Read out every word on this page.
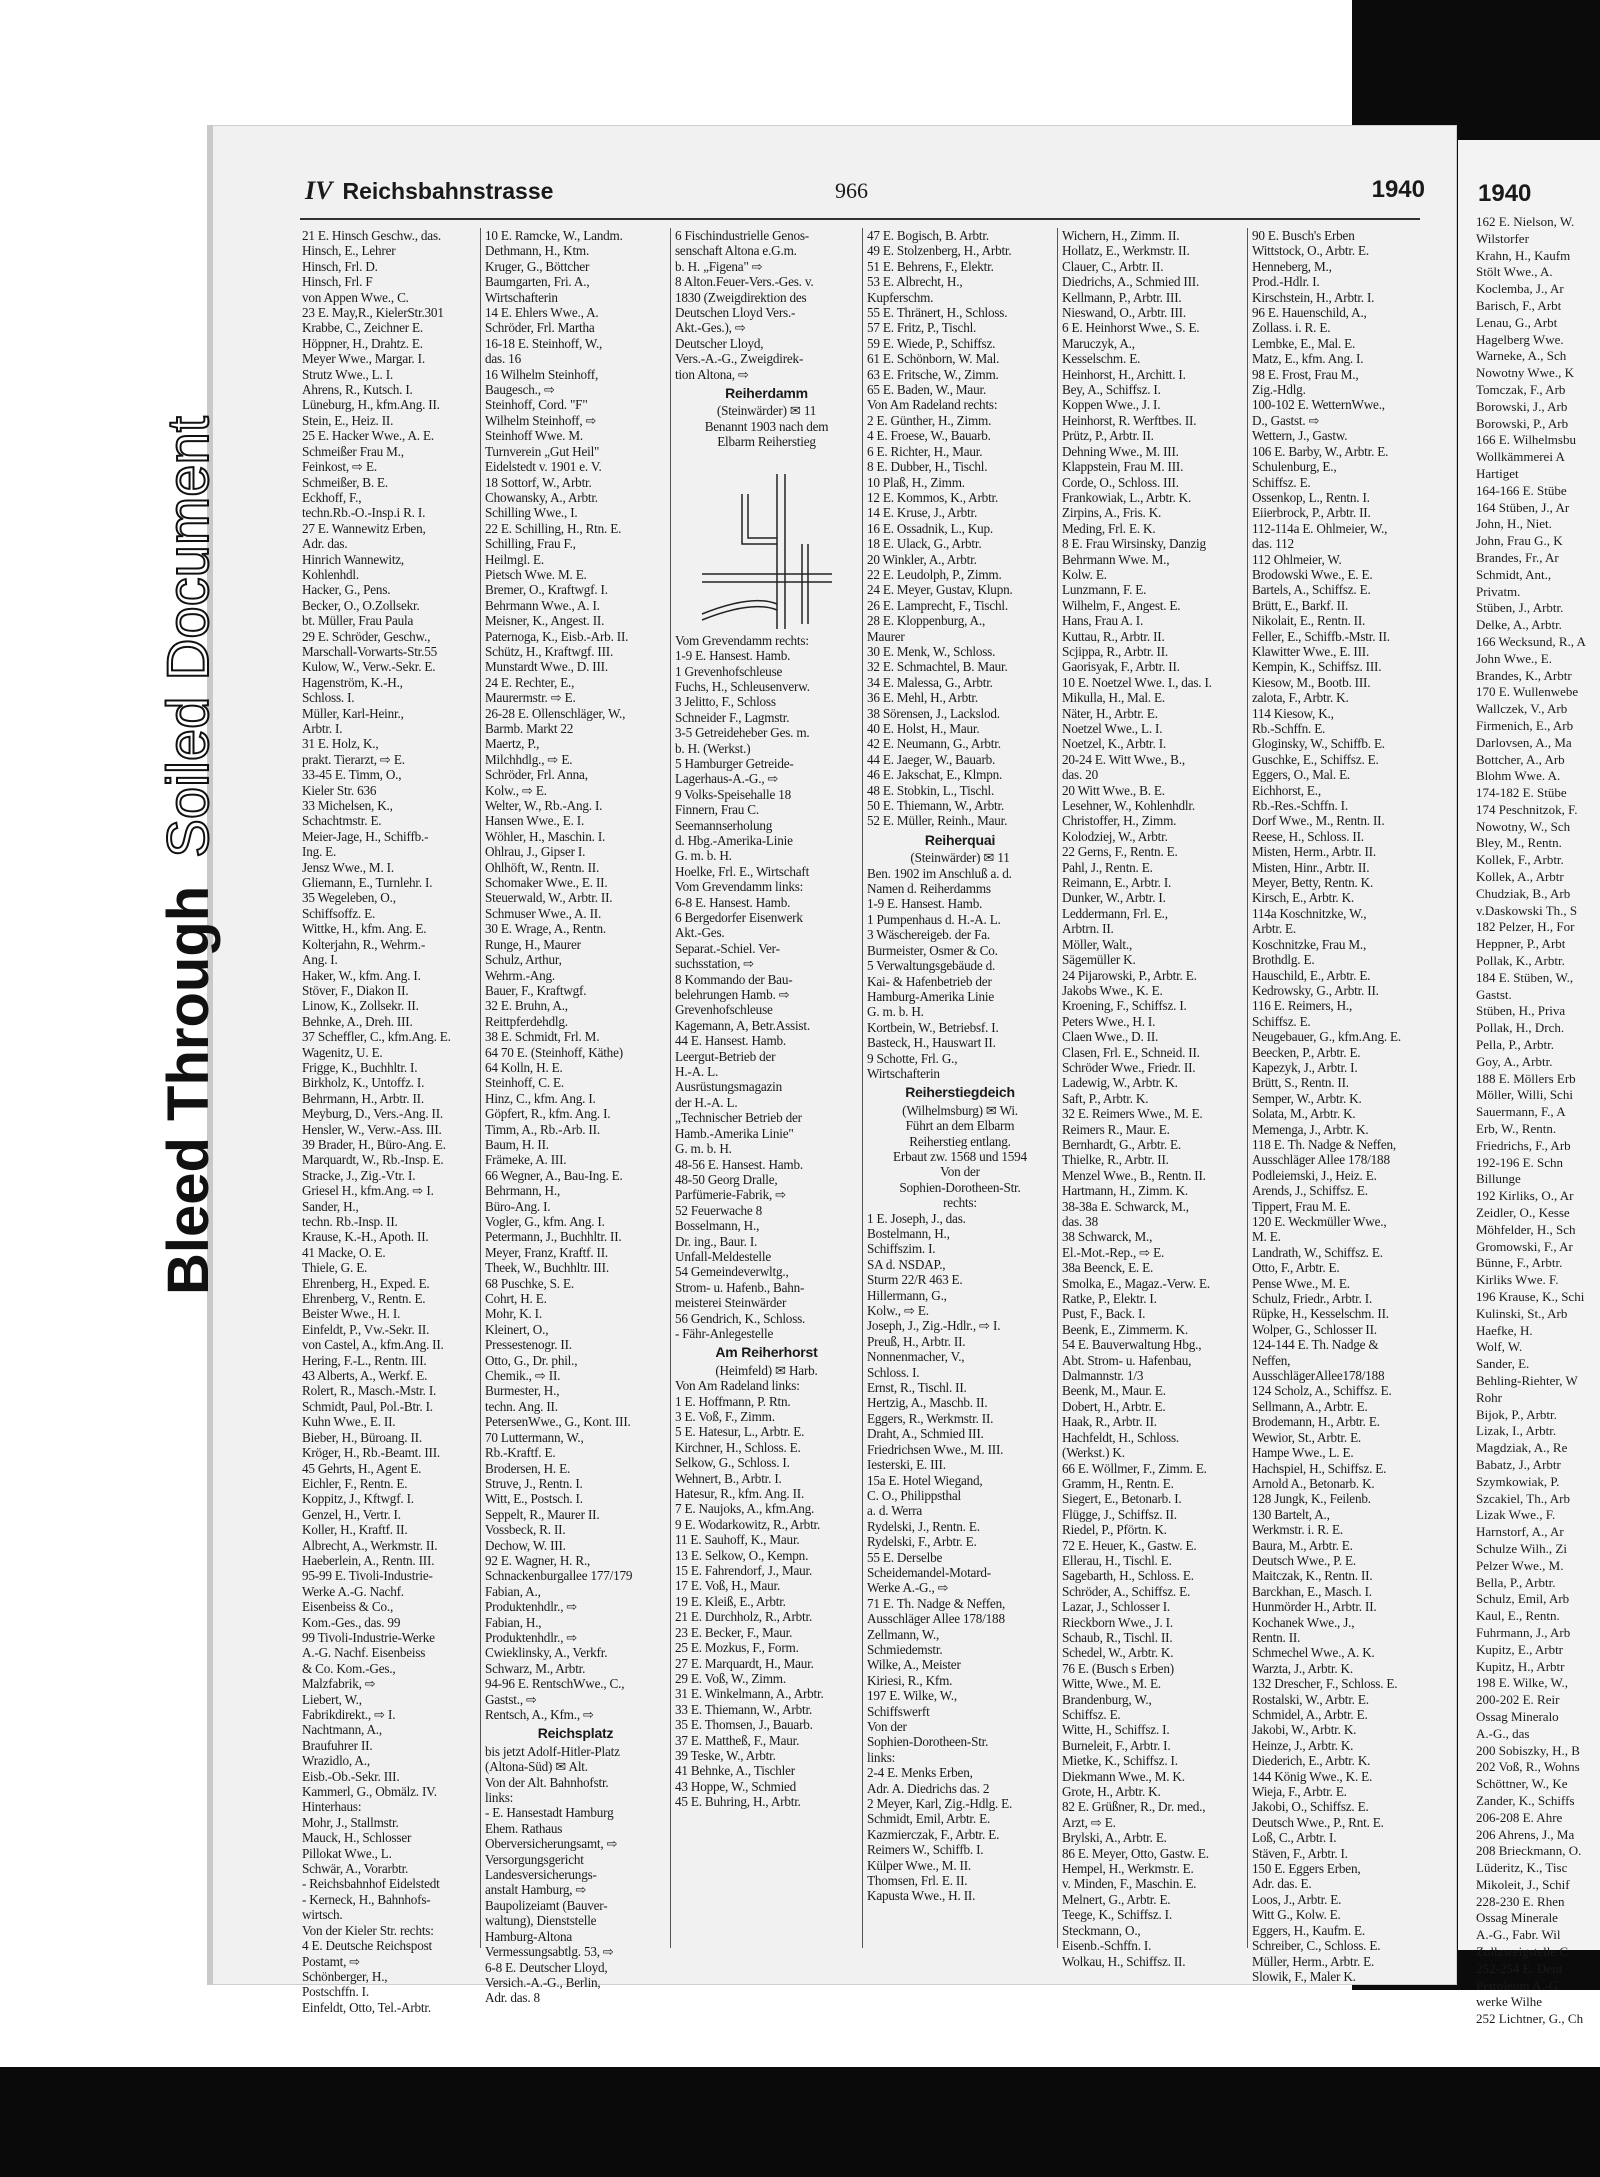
1940
162 E. Nielson, W.
Wilstorfer
Krahn, H., Kaufm
Stölt Wwe., A.
Koclemba, J., Ar
Barisch, F., Arbt
Lenau, G., Arbt
Hagelberg Wwe.
Warneke, A., Sch
Nowotny Wwe., K
Tomczak, F., Arb
Borowski, J., Arb
Borowski, P., Arb
166 E. Wilhelmsbu
Wollkämmerei A
Hartiget
164-166 E. Stübe
164 Stüben, J., Ar
John, H., Niet.
John, Frau G., K
Brandes, Fr., Ar
Schmidt, Ant.,
Privatm.
Stüben, J., Arbtr.
Delke, A., Arbtr.
166 Wecksund, R., A
John Wwe., E.
Brandes, K., Arbtr
170 E. Wullenwebe
Wallczek, V., Arb
Firmenich, E., Arb
Darlovsen, A., Ma
Bottcher, A., Arb
Blohm Wwe. A.
174-182 E. Stübe
174 Peschnitzok, F.
Nowotny, W., Sch
Bley, M., Rentn.
Kollek, F., Arbtr.
Kollek, A., Arbtr
Chudziak, B., Arb
v.Daskowski Th., S
182 Pelzer, H., For
Heppner, P., Arbt
Pollak, K., Arbtr.
184 E. Stüben, W.,
Gastst.
Stüben, H., Priva
Pollak, H., Drch.
Pella, P., Arbtr.
Goy, A., Arbtr.
188 E. Möllers Erb
Möller, Willi, Schi
Sauermann, F., A
Erb, W., Rentn.
Friedrichs, F., Arb
192-196 E. Schn
Billunge
192 Kirliks, O., Ar
Zeidler, O., Kesse
Möhfelder, H., Sch
Gromowski, F., Ar
Bünne, F., Arbtr.
Kirliks Wwe. F.
196 Krause, K., Schi
Kulinski, St., Arb
Haefke, H.
Wolf, W.
Sander, E.
Behling-Riehter, W
Rohr
Bijok, P., Arbtr.
Lizak, I., Arbtr.
Magdziak, A., Re
Babatz, J., Arbtr
Szymkowiak, P.
Szcakiel, Th., Arb
Lizak Wwe., F.
Harnstorf, A., Ar
Schulze Wilh., Zi
Pelzer Wwe., M.
Bella, P., Arbtr.
Schulz, Emil, Arb
Kaul, E., Rentn.
Fuhrmann, J., Arb
Kupitz, E., Arbtr
Kupitz, H., Arbtr
198 E. Wilke, W.,
200-202 E. Reir
Ossag Mineralo
A.-G., das
200 Sobiszky, H., B
202 Voß, R., Wohns
Schöttner, W., Ke
Zander, K., Schiffs
206-208 E. Ahre
206 Ahrens, J., Ma
208 Brieckmann, O.
Lüderitz, K., Tisc
Mikoleit, J., Schif
228-230 E. Rhen
Ossag Minerale
A.-G., Fabr. Wil
Zollzweigstelle C
252-254 E. Deut
Petroleum A.-G.
werke Wilhe
252 Lichtner, G., Ch
Bleed ThroughSoiled Document
IV Reichsbahnstrasse	966	1940
21 E. Hinsch Geschw., das.
Hinsch, E., Lehrer
Hinsch, Frl. D.
Hinsch, Frl. F
von Appen Wwe., C.
23 E. May,R., KielerStr.301
Krabbe, C., Zeichner E.
Höppner, H., Drahtz. E.
Meyer Wwe., Margar. I.
Strutz Wwe., L. I.
Ahrens, R., Kutsch. I.
Lüneburg, H., kfm.Ang. II.
Stein, E., Heiz. II.
25 E. Hacker Wwe., A. E.
Schmeißer Frau M.,
Feinkost, ⇨ E.
Schmeißer, B. E.
Eckhoff, F.,
techn.Rb.-O.-Insp.i R. I.
27 E. Wannewitz Erben,
Adr. das.
Hinrich Wannewitz,
Kohlenhdl.
Hacker, G., Pens.
Becker, O., O.Zollsekr.
bt. Müller, Frau Paula
29 E. Schröder, Geschw.,
Marschall-Vorwarts-Str.55
Kulow, W., Verw.-Sekr. E.
Hagenström, K.-H.,
Schloss. I.
Müller, Karl-Heinr.,
Arbtr. I.
31 E. Holz, K.,
prakt. Tierarzt, ⇨ E.
33-45 E. Timm, O.,
Kieler Str. 636
33 Michelsen, K.,
Schachtmstr. E.
Meier-Jage, H., Schiffb.-
Ing. E.
Jensz Wwe., M. I.
Gliemann, E., Turnlehr. I.
35 Wegeleben, O.,
Schiffsoffz. E.
Wittke, H., kfm. Ang. E.
Kolterjahn, R., Wehrm.-
Ang. I.
Haker, W., kfm. Ang. I.
Stöver, F., Diakon II.
Linow, K., Zollsekr. II.
Behnke, A., Dreh. III.
37 Scheffler, C., kfm.Ang. E.
Wagenitz, U. E.
Frigge, K., Buchhltr. I.
Birkholz, K., Untoffz. I.
Behrmann, H., Arbtr. II.
Meyburg, D., Vers.-Ang. II.
Hensler, W., Verw.-Ass. III.
39 Brader, H., Büro-Ang. E.
Marquardt, W., Rb.-Insp. E.
Stracke, J., Zig.-Vtr. I.
Griesel H., kfm.Ang. ⇨ I.
Sander, H.,
techn. Rb.-Insp. II.
Krause, K.-H., Apoth. II.
41 Macke, O. E.
Thiele, G. E.
Ehrenberg, H., Exped. E.
Ehrenberg, V., Rentn. E.
Beister Wwe., H. I.
Einfeldt, P., Vw.-Sekr. II.
von Castel, A., kfm.Ang. II.
Hering, F.-L., Rentn. III.
43 Alberts, A., Werkf. E.
Rolert, R., Masch.-Mstr. I.
Schmidt, Paul, Pol.-Btr. I.
Kuhn Wwe., E. II.
Bieber, H., Büroang. II.
Kröger, H., Rb.-Beamt. III.
45 Gehrts, H., Agent E.
Eichler, F., Rentn. E.
Koppitz, J., Kftwgf. I.
Genzel, H., Vertr. I.
Koller, H., Kraftf. II.
Albrecht, A., Werkmstr. II.
Haeberlein, A., Rentn. III.
95-99 E. Tivoli-Industrie-
Werke A.-G. Nachf.
Eisenbeiss & Co.,
Kom.-Ges., das. 99
99 Tivoli-Industrie-Werke
A.-G. Nachf. Eisenbeiss
& Co. Kom.-Ges.,
Malzfabrik, ⇨
Liebert, W.,
Fabrikdirekt., ⇨ I.
Nachtmann, A.,
Braufuhrer II.
Wrazidlo, A.,
Eisb.-Ob.-Sekr. III.
Kammerl, G., Obmälz. IV.
Hinterhaus:
Mohr, J., Stallmstr.
Mauck, H., Schlosser
Pillokat Wwe., L.
Schwär, A., Vorarbtr.
- Reichsbahnhof Eidelstedt
- Kerneck, H., Bahnhofs-
wirtsch.
Von der Kieler Str. rechts:
4 E. Deutsche Reichspost
Postamt, ⇨
Schönberger, H.,
Postschffn. I.
Einfeldt, Otto, Tel.-Arbtr.
10 E. Ramcke, W., Landm.
Dethmann, H., Ktm.
Kruger, G., Böttcher
Baumgarten, Fri. A.,
Wirtschafterin
14 E. Ehlers Wwe., A.
Schröder, Frl. Martha
16-18 E. Steinhoff, W.,
das. 16
16 Wilhelm Steinhoff,
Baugesch., ⇨
Steinhoff, Cord. "F"
Wilhelm Steinhoff, ⇨
Steinhoff Wwe. M.
Turnverein „Gut Heil"
Eidelstedt v. 1901 e. V.
18 Sottorf, W., Arbtr.
Chowansky, A., Arbtr.
Schilling Wwe., I.
22 E. Schilling, H., Rtn. E.
Schilling, Frau F.,
Heilmgl. E.
Pietsch Wwe. M. E.
Bremer, O., Kraftwgf. I.
Behrmann Wwe., A. I.
Meisner, K., Angest. II.
Paternoga, K., Eisb.-Arb. II.
Schütz, H., Kraftwgf. III.
Munstardt Wwe., D. III.
24 E. Rechter, E.,
Maurermstr. ⇨ E.
26-28 E. Ollenschläger, W.,
Barmb. Markt 22
Maertz, P.,
Milchhdlg., ⇨ E.
Schröder, Frl. Anna,
Kolw., ⇨ E.
Welter, W., Rb.-Ang. I.
Hansen Wwe., E. I.
Wöhler, H., Maschin. I.
Ohlrau, J., Gipser I.
Ohlhöft, W., Rentn. II.
Schomaker Wwe., E. II.
Steuerwald, W., Arbtr. II.
Schmuser Wwe., A. II.
30 E. Wrage, A., Rentn.
Runge, H., Maurer
Schulz, Arthur,
Wehrm.-Ang.
Bauer, F., Kraftwgf.
32 E. Bruhn, A.,
Reittpferdehdlg.
38 E. Schmidt, Frl. M.
64 70 E. (Steinhoff, Käthe)
64 Kolln, H. E.
Steinhoff, C. E.
Hinz, C., kfm. Ang. I.
Göpfert, R., kfm. Ang. I.
Timm, A., Rb.-Arb. II.
Baum, H. II.
Främeke, A. III.
66 Wegner, A., Bau-Ing. E.
Behrmann, H.,
Büro-Ang. I.
Vogler, G., kfm. Ang. I.
Petermann, J., Buchhltr. II.
Meyer, Franz, Kraftf. II.
Theek, W., Buchhltr. III.
68 Puschke, S. E.
Cohrt, H. E.
Mohr, K. I.
Kleinert, O.,
Pressestenogr. II.
Otto, G., Dr. phil.,
Chemik., ⇨ II.
Burmester, H.,
techn. Ang. II.
PetersenWwe., G., Kont. III.
70 Luttermann, W.,
Rb.-Kraftf. E.
Brodersen, H. E.
Struve, J., Rentn. I.
Witt, E., Postsch. I.
Seppelt, R., Maurer II.
Vossbeck, R. II.
Dechow, W. III.
92 E. Wagner, H. R.,
Schnackenburgallee 177/179
Fabian, A.,
Produktenhdlr., ⇨
Fabian, H.,
Produktenhdlr., ⇨
Cwieklinsky, A., Verkfr.
Schwarz, M., Arbtr.
94-96 E. RentschWwe., C.,
Gastst., ⇨
Rentsch, A., Kfm., ⇨
Reichsplatz
bis jetzt Adolf-Hitler-Platz
(Altona-Süd) ✉ Alt.
Von der Alt. Bahnhofstr.
links:
- E. Hansestadt Hamburg
Ehem. Rathaus
Oberversicherungsamt, ⇨
Versorgungsgericht
Landesversicherungs-
anstalt Hamburg, ⇨
Baupolizeiamt (Bauver-
waltung), Dienststelle
Hamburg-Altona
Vermessungsabtlg. 53, ⇨
6-8 E. Deutscher Lloyd,
Versich.-A.-G., Berlin,
Adr. das. 8
6 Fischindustrielle Genos-
senschaft Altona e.G.m.
b. H. „Figena" ⇨
8 Alton.Feuer-Vers.-Ges. v.
1830 (Zweigdirektion des
Deutschen Lloyd Vers.-
Akt.-Ges.), ⇨
Deutscher Lloyd,
Vers.-A.-G., Zweigdirek-
tion Altona, ⇨
Reiherdamm
(Steinwärder) ✉ 11
Benannt 1903 nach dem
Elbarm Reiherstieg
Vom Grevendamm rechts:
1-9 E. Hansest. Hamb.
1 Grevenhofschleuse
Fuchs, H., Schleusenverw.
3 Jelitto, F., Schloss
Schneider F., Lagmstr.
3-5 Getreideheber Ges. m.
b. H. (Werkst.)
5 Hamburger Getreide-
Lagerhaus-A.-G., ⇨
9 Volks-Speisehalle 18
Finnern, Frau C.
Seemannserholung
d. Hbg.-Amerika-Linie
G. m. b. H.
Hoelke, Frl. E., Wirtschaft
Vom Grevendamm links:
6-8 E. Hansest. Hamb.
6 Bergedorfer Eisenwerk
Akt.-Ges.
Separat.-Schiel. Ver-
suchsstation, ⇨
8 Kommando der Bau-
belehrungen Hamb. ⇨
Grevenhofschleuse
Kagemann, A, Betr.Assist.
44 E. Hansest. Hamb.
Leergut-Betrieb der
H.-A. L.
Ausrüstungsmagazin
der H.-A. L.
„Technischer Betrieb der
Hamb.-Amerika Linie"
G. m. b. H.
48-56 E. Hansest. Hamb.
48-50 Georg Dralle,
Parfümerie-Fabrik, ⇨
52 Feuerwache 8
Bosselmann, H.,
Dr. ing., Baur. I.
Unfall-Meldestelle
54 Gemeindeverwltg.,
Strom- u. Hafenb., Bahn-
meisterei Steinwärder
56 Gendrich, K., Schloss.
- Fähr-Anlegestelle
Am Reiherhorst
(Heimfeld) ✉ Harb.
Von Am Radeland links:
1 E. Hoffmann, P. Rtn.
3 E. Voß, F., Zimm.
5 E. Hatesur, L., Arbtr. E.
Kirchner, H., Schloss. E.
Selkow, G., Schloss. I.
Wehnert, B., Arbtr. I.
Hatesur, R., kfm. Ang. II.
7 E. Naujoks, A., kfm.Ang.
9 E. Wodarkowitz, R., Arbtr.
11 E. Sauhoff, K., Maur.
13 E. Selkow, O., Kempn.
15 E. Fahrendorf, J., Maur.
17 E. Voß, H., Maur.
19 E. Kleiß, E., Arbtr.
21 E. Durchholz, R., Arbtr.
23 E. Becker, F., Maur.
25 E. Mozkus, F., Form.
27 E. Marquardt, H., Maur.
29 E. Voß, W., Zimm.
31 E. Winkelmann, A., Arbtr.
33 E. Thiemann, W., Arbtr.
35 E. Thomsen, J., Bauarb.
37 E. Mattheß, F., Maur.
39 Teske, W., Arbtr.
41 Behnke, A., Tischler
43 Hoppe, W., Schmied
45 E. Buhring, H., Arbtr.
47 E. Bogisch, B. Arbtr.
49 E. Stolzenberg, H., Arbtr.
51 E. Behrens, F., Elektr.
53 E. Albrecht, H.,
Kupferschm.
55 E. Thränert, H., Schloss.
57 E. Fritz, P., Tischl.
59 E. Wiede, P., Schiffsz.
61 E. Schönborn, W. Mal.
63 E. Fritsche, W., Zimm.
65 E. Baden, W., Maur.
Von Am Radeland rechts:
2 E. Günther, H., Zimm.
4 E. Froese, W., Bauarb.
6 E. Richter, H., Maur.
8 E. Dubber, H., Tischl.
10 Plaß, H., Zimm.
12 E. Kommos, K., Arbtr.
14 E. Kruse, J., Arbtr.
16 E. Ossadnik, L., Kup.
18 E. Ulack, G., Arbtr.
20 Winkler, A., Arbtr.
22 E. Leudolph, P., Zimm.
24 E. Meyer, Gustav, Klupn.
26 E. Lamprecht, F., Tischl.
28 E. Kloppenburg, A.,
Maurer
30 E. Menk, W., Schloss.
32 E. Schmachtel, B. Maur.
34 E. Malessa, G., Arbtr.
36 E. Mehl, H., Arbtr.
38 Sörensen, J., Lackslod.
40 E. Holst, H., Maur.
42 E. Neumann, G., Arbtr.
44 E. Jaeger, W., Bauarb.
46 E. Jakschat, E., Klmpn.
48 E. Stobkin, L., Tischl.
50 E. Thiemann, W., Arbtr.
52 E. Müller, Reinh., Maur.
Reiherquai
(Steinwärder) ✉ 11
Ben. 1902 im Anschluß a. d.
Namen d. Reiherdamms
1-9 E. Hansest. Hamb.
1 Pumpenhaus d. H.-A. L.
3 Wäschereigeb. der Fa.
Burmeister, Osmer & Co.
5 Verwaltungsgebäude d.
Kai- & Hafenbetrieb der
Hamburg-Amerika Linie
G. m. b. H.
Kortbein, W., Betriebsf. I.
Basteck, H., Hauswart II.
9 Schotte, Frl. G.,
Wirtschafterin
Reiherstiegdeich
(Wilhelmsburg) ✉ Wi.
Führt an dem Elbarm
Reiherstieg entlang.
Erbaut zw. 1568 und 1594
Von der
Sophien-Dorotheen-Str.
rechts:
1 E. Joseph, J., das.
Bostelmann, H.,
Schiffszim. I.
SA d. NSDAP.,
Sturm 22/R 463 E.
Hillermann, G.,
Kolw., ⇨ E.
Joseph, J., Zig.-Hdlr., ⇨ I.
Preuß, H., Arbtr. II.
Nonnenmacher, V.,
Schloss. I.
Ernst, R., Tischl. II.
Hertzig, A., Maschb. II.
Eggers, R., Werkmstr. II.
Draht, A., Schmied III.
Friedrichsen Wwe., M. III.
Iesterski, E. III.
15a E. Hotel Wiegand,
C. O., Philippsthal
a. d. Werra
Rydelski, J., Rentn. E.
Rydelski, F., Arbtr. E.
55 E. Derselbe
Scheidemandel-Motard-
Werke A.-G., ⇨
71 E. Th. Nadge & Neffen,
Ausschläger Allee 178/188
Zellmann, W.,
Schmiedemstr.
Wilke, A., Meister
Kiriesi, R., Kfm.
197 E. Wilke, W.,
Schiffswerft
Von der
Sophien-Dorotheen-Str.
links:
2-4 E. Menks Erben,
Adr. A. Diedrichs das. 2
2 Meyer, Karl, Zig.-Hdlg. E.
Schmidt, Emil, Arbtr. E.
Kazmierczak, F., Arbtr. E.
Reimers W., Schiffb. I.
Külper Wwe., M. II.
Thomsen, Frl. E. II.
Kapusta Wwe., H. II.
Wichern, H., Zimm. II.
Hollatz, E., Werkmstr. II.
Clauer, C., Arbtr. II.
Diedrichs, A., Schmied III.
Kellmann, P., Arbtr. III.
Nieswand, O., Arbtr. III.
6 E. Heinhorst Wwe., S. E.
Maruczyk, A.,
Kesselschm. E.
Heinhorst, H., Architt. I.
Bey, A., Schiffsz. I.
Koppen Wwe., J. I.
Heinhorst, R. Werftbes. II.
Prütz, P., Arbtr. II.
Dehning Wwe., M. III.
Klappstein, Frau M. III.
Corde, O., Schloss. III.
Frankowiak, L., Arbtr. K.
Zirpins, A., Fris. K.
Meding, Frl. E. K.
8 E. Frau Wirsinsky, Danzig
Behrmann Wwe. M.,
Kolw. E.
Lunzmann, F. E.
Wilhelm, F., Angest. E.
Hans, Frau A. I.
Kuttau, R., Arbtr. II.
Scjippa, R., Arbtr. II.
Gaorisyak, F., Arbtr. II.
10 E. Noetzel Wwe. I., das. I.
Mikulla, H., Mal. E.
Näter, H., Arbtr. E.
Noetzel Wwe., L. I.
Noetzel, K., Arbtr. I.
20-24 E. Witt Wwe., B.,
das. 20
20 Witt Wwe., B. E.
Lesehner, W., Kohlenhdlr.
Christoffer, H., Zimm.
Kolodziej, W., Arbtr.
22 Gerns, F., Rentn. E.
Pahl, J., Rentn. E.
Reimann, E., Arbtr. I.
Dunker, W., Arbtr. I.
Leddermann, Frl. E.,
Arbtrn. II.
Möller, Walt.,
Sägemüller K.
24 Pijarowski, P., Arbtr. E.
Jakobs Wwe., K. E.
Kroening, F., Schiffsz. I.
Peters Wwe., H. I.
Claen Wwe., D. II.
Clasen, Frl. E., Schneid. II.
Schröder Wwe., Friedr. II.
Ladewig, W., Arbtr. K.
Saft, P., Arbtr. K.
32 E. Reimers Wwe., M. E.
Reimers R., Maur. E.
Bernhardt, G., Arbtr. E.
Thielke, R., Arbtr. II.
Menzel Wwe., B., Rentn. II.
Hartmann, H., Zimm. K.
38-38a E. Schwarck, M.,
das. 38
38 Schwarck, M.,
El.-Mot.-Rep., ⇨ E.
38a Beenck, E. E.
Smolka, E., Magaz.-Verw. E.
Ratke, P., Elektr. I.
Pust, F., Back. I.
Beenk, E., Zimmerm. K.
54 E. Bauverwaltung Hbg.,
Abt. Strom- u. Hafenbau,
Dalmannstr. 1/3
Beenk, M., Maur. E.
Dobert, H., Arbtr. E.
Haak, R., Arbtr. II.
Hachfeldt, H., Schloss.
(Werkst.) K.
66 E. Wöllmer, F., Zimm. E.
Gramm, H., Rentn. E.
Siegert, E., Betonarb. I.
Flügge, J., Schiffsz. II.
Riedel, P., Pförtn. K.
72 E. Heuer, K., Gastw. E.
Ellerau, H., Tischl. E.
Sagebarth, H., Schloss. E.
Schröder, A., Schiffsz. E.
Lazar, J., Schlosser I.
Rieckborn Wwe., J. I.
Schaub, R., Tischl. II.
Schedel, W., Arbtr. K.
76 E. (Busch s Erben)
Witte, Wwe., M. E.
Brandenburg, W.,
Schiffsz. E.
Witte, H., Schiffsz. I.
Burneleit, F., Arbtr. I.
Mietke, K., Schiffsz. I.
Diekmann Wwe., M. K.
Grote, H., Arbtr. K.
82 E. Grüßner, R., Dr. med.,
Arzt, ⇨ E.
Brylski, A., Arbtr. E.
86 E. Meyer, Otto, Gastw. E.
Hempel, H., Werkmstr. E.
v. Minden, F., Maschin. E.
Melnert, G., Arbtr. E.
Teege, K., Schiffsz. I.
Steckmann, O.,
Eisenb.-Schffn. I.
Wolkau, H., Schiffsz. II.
90 E. Busch's Erben
Wittstock, O., Arbtr. E.
Henneberg, M.,
Prod.-Hdlr. I.
Kirschstein, H., Arbtr. I.
96 E. Hauenschild, A.,
Zollass. i. R. E.
Lembke, E., Mal. E.
Matz, E., kfm. Ang. I.
98 E. Frost, Frau M.,
Zig.-Hdlg.
100-102 E. WetternWwe.,
D., Gastst. ⇨
Wettern, J., Gastw.
106 E. Barby, W., Arbtr. E.
Schulenburg, E.,
Schiffsz. E.
Ossenkop, L., Rentn. I.
Eiierbrock, P., Arbtr. II.
112-114a E. Ohlmeier, W.,
das. 112
112 Ohlmeier, W.
Brodowski Wwe., E. E.
Bartels, A., Schiffsz. E.
Brütt, E., Barkf. II.
Nikolait, E., Rentn. II.
Feller, E., Schiffb.-Mstr. II.
Klawitter Wwe., E. III.
Kempin, K., Schiffsz. III.
Kiesow, M., Bootb. III.
zalota, F., Arbtr. K.
114 Kiesow, K.,
Rb.-Schffn. E.
Gloginsky, W., Schiffb. E.
Guschke, E., Schiffsz. E.
Eggers, O., Mal. E.
Eichhorst, E.,
Rb.-Res.-Schffn. I.
Dorf Wwe., M., Rentn. II.
Reese, H., Schloss. II.
Misten, Herm., Arbtr. II.
Misten, Hinr., Arbtr. II.
Meyer, Betty, Rentn. K.
Kirsch, E., Arbtr. K.
114a Koschnitzke, W.,
Arbtr. E.
Koschnitzke, Frau M.,
Brothdlg. E.
Hauschild, E., Arbtr. E.
Kedrowsky, G., Arbtr. II.
116 E. Reimers, H.,
Schiffsz. E.
Neugebauer, G., kfm.Ang. E.
Beecken, P., Arbtr. E.
Kapezyk, J., Arbtr. I.
Brütt, S., Rentn. II.
Semper, W., Arbtr. K.
Solata, M., Arbtr. K.
Memenga, J., Arbtr. K.
118 E. Th. Nadge & Neffen,
Ausschläger Allee 178/188
Podleiemski, J., Heiz. E.
Arends, J., Schiffsz. E.
Tippert, Frau M. E.
120 E. Weckmüller Wwe.,
M. E.
Landrath, W., Schiffsz. E.
Otto, F., Arbtr. E.
Pense Wwe., M. E.
Schulz, Friedr., Arbtr. I.
Rüpke, H., Kesselschm. II.
Wolper, G., Schlosser II.
124-144 E. Th. Nadge &
Neffen,
AusschlägerAllee178/188
124 Scholz, A., Schiffsz. E.
Sellmann, A., Arbtr. E.
Brodemann, H., Arbtr. E.
Wewior, St., Arbtr. E.
Hampe Wwe., L. E.
Hachspiel, H., Schiffsz. E.
Arnold A., Betonarb. K.
128 Jungk, K., Feilenb.
130 Bartelt, A.,
Werkmstr. i. R. E.
Baura, M., Arbtr. E.
Deutsch Wwe., P. E.
Maitczak, K., Rentn. II.
Barckhan, E., Masch. I.
Hunmörder H., Arbtr. II.
Kochanek Wwe., J.,
Rentn. II.
Schmechel Wwe., A. K.
Warzta, J., Arbtr. K.
132 Drescher, F., Schloss. E.
Rostalski, W., Arbtr. E.
Schmidel, A., Arbtr. E.
Jakobi, W., Arbtr. K.
Heinze, J., Arbtr. K.
Diederich, E., Arbtr. K.
144 König Wwe., K. E.
Wieja, F., Arbtr. E.
Jakobi, O., Schiffsz. E.
Deutsch Wwe., P., Rnt. E.
Loß, C., Arbtr. I.
Stäven, F., Arbtr. I.
150 E. Eggers Erben,
Adr. das. E.
Loos, J., Arbtr. E.
Witt G., Kolw. E.
Eggers, H., Kaufm. E.
Schreiber, C., Schloss. E.
Müller, Herm., Arbtr. E.
Slowik, F., Maler K.
